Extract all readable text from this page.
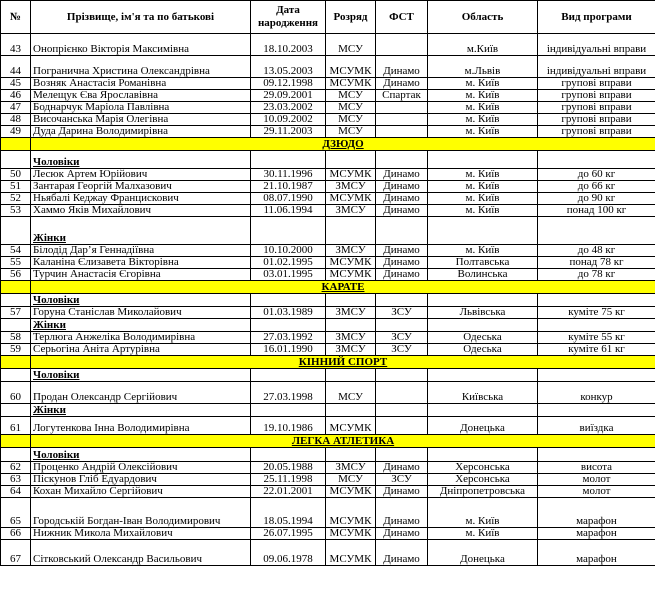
№	Прізвище, ім'я та по батькові	Дата народження	Розряд	ФСТ	Область	Вид програми
43	Онопрієнко Вікторія Максимівна	18.10.2003	МСУ		м.Київ	індивідуальні вправи
44	Погранична Христина Олександрівна	13.05.2003	МСУМК	Динамо	м.Львів	індивідуальні вправи
45	Возняк Анастасія Романівна	09.12.1998	МСУМК	Динамо	м. Київ	групові вправи
46	Мелещук Єва Ярославівна	29.09.2001	МСУ	Спартак	м. Київ	групові вправи
47	Боднарчук Маріола Павлівна	23.03.2002	МСУ		м. Київ	групові вправи
48	Височанська Марія Олегівна	10.09.2002	МСУ		м. Київ	групові вправи
49	Дуда Дарина Володимирівна	29.11.2003	МСУ		м. Київ	групові вправи
	ДЗЮДО					
	Чоловіки					
50	Лесюк Артем Юрійович	30.11.1996	МСУМК	Динамо	м. Київ	до 60 кг
51	Зантарая Георгій Малхазович	21.10.1987	ЗМСУ	Динамо	м. Київ	до 66 кг
52	Ньябалі Кеджау Францискович	08.07.1990	МСУМК	Динамо	м. Київ	до 90 кг
53	Хаммо Яків Михайлович	11.06.1994	ЗМСУ	Динамо	м. Київ	понад 100 кг
	Жінки					
54	Білодід Дар’я Геннадіївна	10.10.2000	ЗМСУ	Динамо	м. Київ	до 48 кг
55	Каланіна Єлизавета Вікторівна	01.02.1995	МСУМК	Динамо	Полтавська	понад 78 кг
56	Турчин Анастасія Єгорівна	03.01.1995	МСУМК	Динамо	Волинська	до 78 кг
	КАРАТЕ					
	Чоловіки					
57	Горуна Станіслав Миколайович	01.03.1989	ЗМСУ	ЗСУ	Львівська	куміте 75 кг
	Жінки					
58	Терлюга Анжеліка Володимирівна	27.03.1992	ЗМСУ	ЗСУ	Одеська	куміте 55 кг
59	Серьогіна Аніта Артурівна	16.01.1990	ЗМСУ	ЗСУ	Одеська	куміте 61 кг
	КІННИЙ СПОРТ					
	Чоловіки					
60	Продан Олександр Сергійович	27.03.1998	МСУ		Київська	конкур
	Жінки					
61	Логутенкова Інна Володимирівна	19.10.1986	МСУМК		Донецька	виїздка
	ЛЕГКА АТЛЕТИКА					
	Чоловіки					
62	Проценко Андрій Олексійович	20.05.1988	ЗМСУ	Динамо	Херсонська	висота
63	Піскунов Гліб Едуардович	25.11.1998	МСУ	ЗСУ	Херсонська	молот
64	Кохан Михайло Сергійович	22.01.2001	МСУМК	Динамо	Дніпропетровська	молот
65	Городській Богдан-Іван Володимирович	18.05.1994	МСУМК	Динамо	м. Київ	марафон
66	Нижник Микола Михайлович	26.07.1995	МСУМК	Динамо	м. Київ	марафон
67	Сітковський Олександр Васильович	09.06.1978	МСУМК	Динамо	Донецька	марафон
